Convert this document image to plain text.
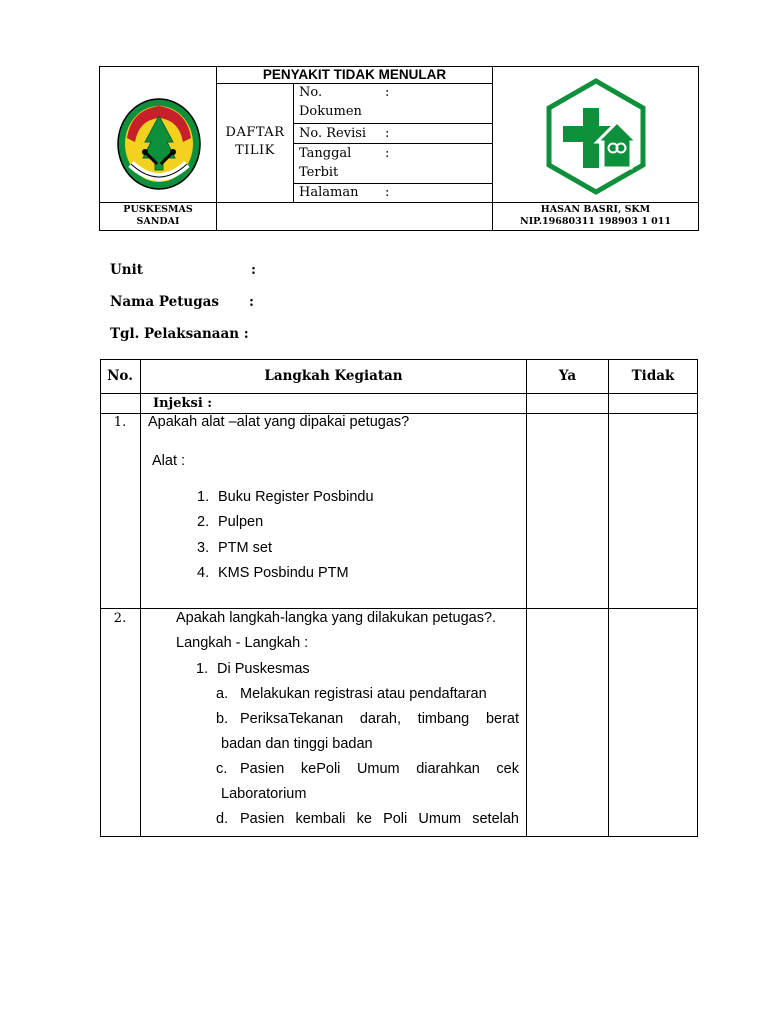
PENYAKIT TIDAK MENULAR
DAFTAR
TILIK
No.	:
Dokumen
No. Revisi :
Tanggal	:
Terbit
Halaman :
PUSKESMAS
SANDAI
HASAN BASRI, SKM
NIP.19680311 198903 1 011
Unit	:
Nama Petugas :
Tgl. Pelaksanaan :
No.	Langkah Kegiatan	Ya	Tidak
Injeksi :
1.	Apakah alat –alat yang dipakai petugas?
Alat :
1. Buku Register Posbindu
2. Pulpen
3. PTM set
4. KMS Posbindu PTM
2.	Apakah langkah-langka yang dilakukan petugas?.
Langkah - Langkah :
1. Di Puskesmas
a. Melakukan registrasi atau pendaftaran
b. PeriksaTekanan darah, timbang berat
badan dan tinggi badan
c. Pasien kePoli Umum diarahkan cek
Laboratorium
d. Pasien kembali ke Poli Umum setelah
